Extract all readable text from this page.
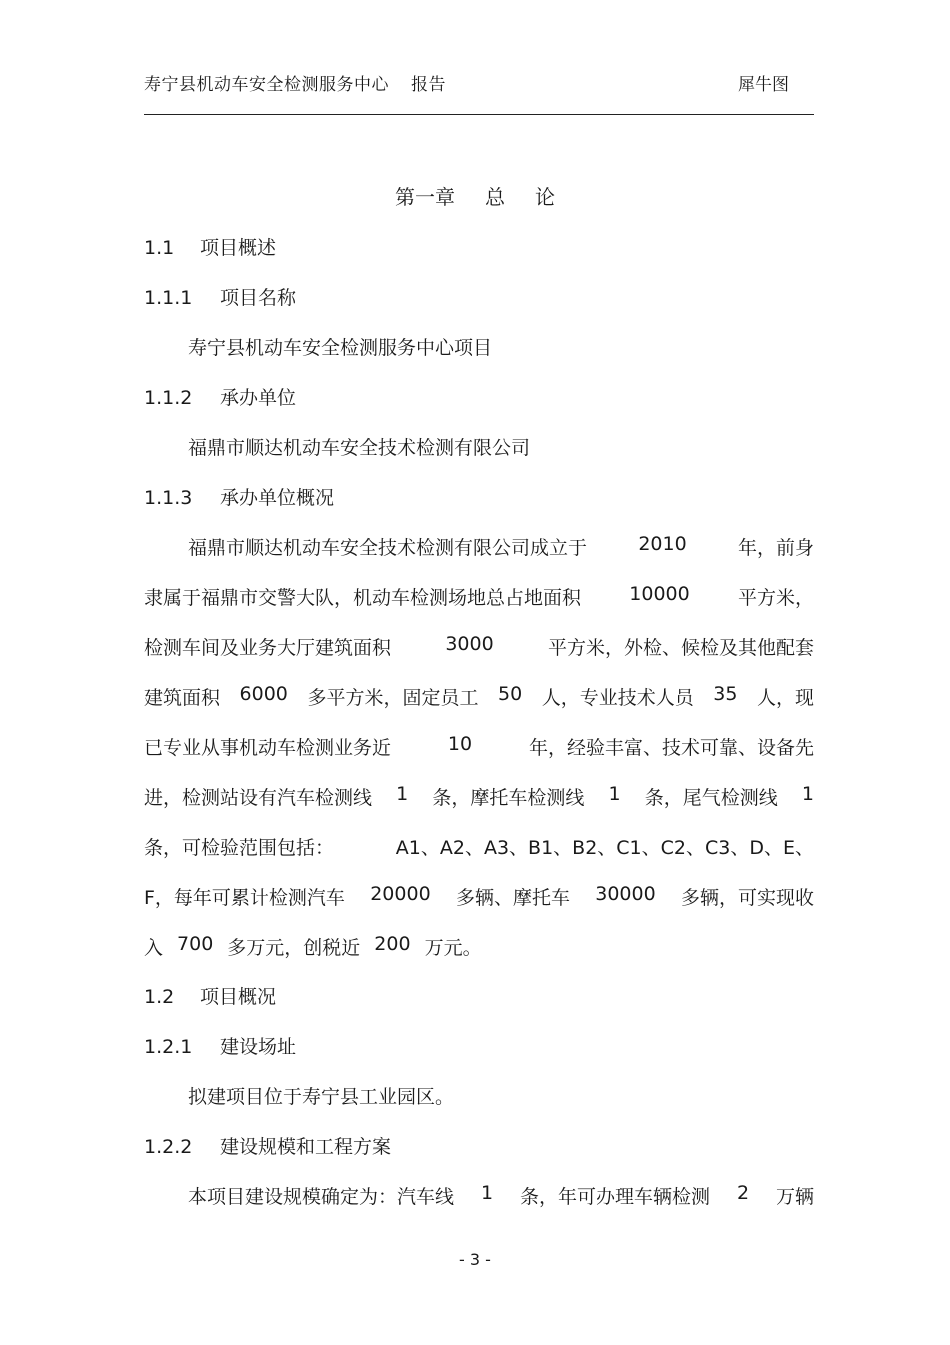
寿宁县机动车安全检测服务中心 报告	犀牛图
第一章 总 论
1.1 项目概述
1.1.1 项目名称
寿宁县机动车安全检测服务中心项目
1.1.2 承办单位
福鼎市顺达机动车安全技术检测有限公司
1.1.3 承办单位概况
福鼎市顺达机动车安全技术检测有限公司成立于	2010	年，前身
隶属于福鼎市交警大队，机动车检测场地总占地面积	10000	平方米，
检测车间及业务大厅建筑面积	3000	平方米，外检、候检及其他配套
建筑面积 6000 多平方米，固定员工 50 人，专业技术人员 35 人，现
已专业从事机动车检测业务近	10	年，经验丰富、技术可靠、设备先
进，检测站设有汽车检测线 1 条，摩托车检测线 1 条，尾气检测线 1
条，可检验范围包括：	A1、A2、A3、B1、B2、C1、C2、C3、D、E、
F，每年可累计检测汽车 20000 多辆、摩托车 30000 多辆，可实现收
入 700 多万元，创税近 200 万元。
1.2 项目概况
1.2.1 建设场址
拟建项目位于寿宁县工业园区。
1.2.2 建设规模和工程方案
本项目建设规模确定为：汽车线 1 条，年可办理车辆检测 2 万辆
- 3 -
